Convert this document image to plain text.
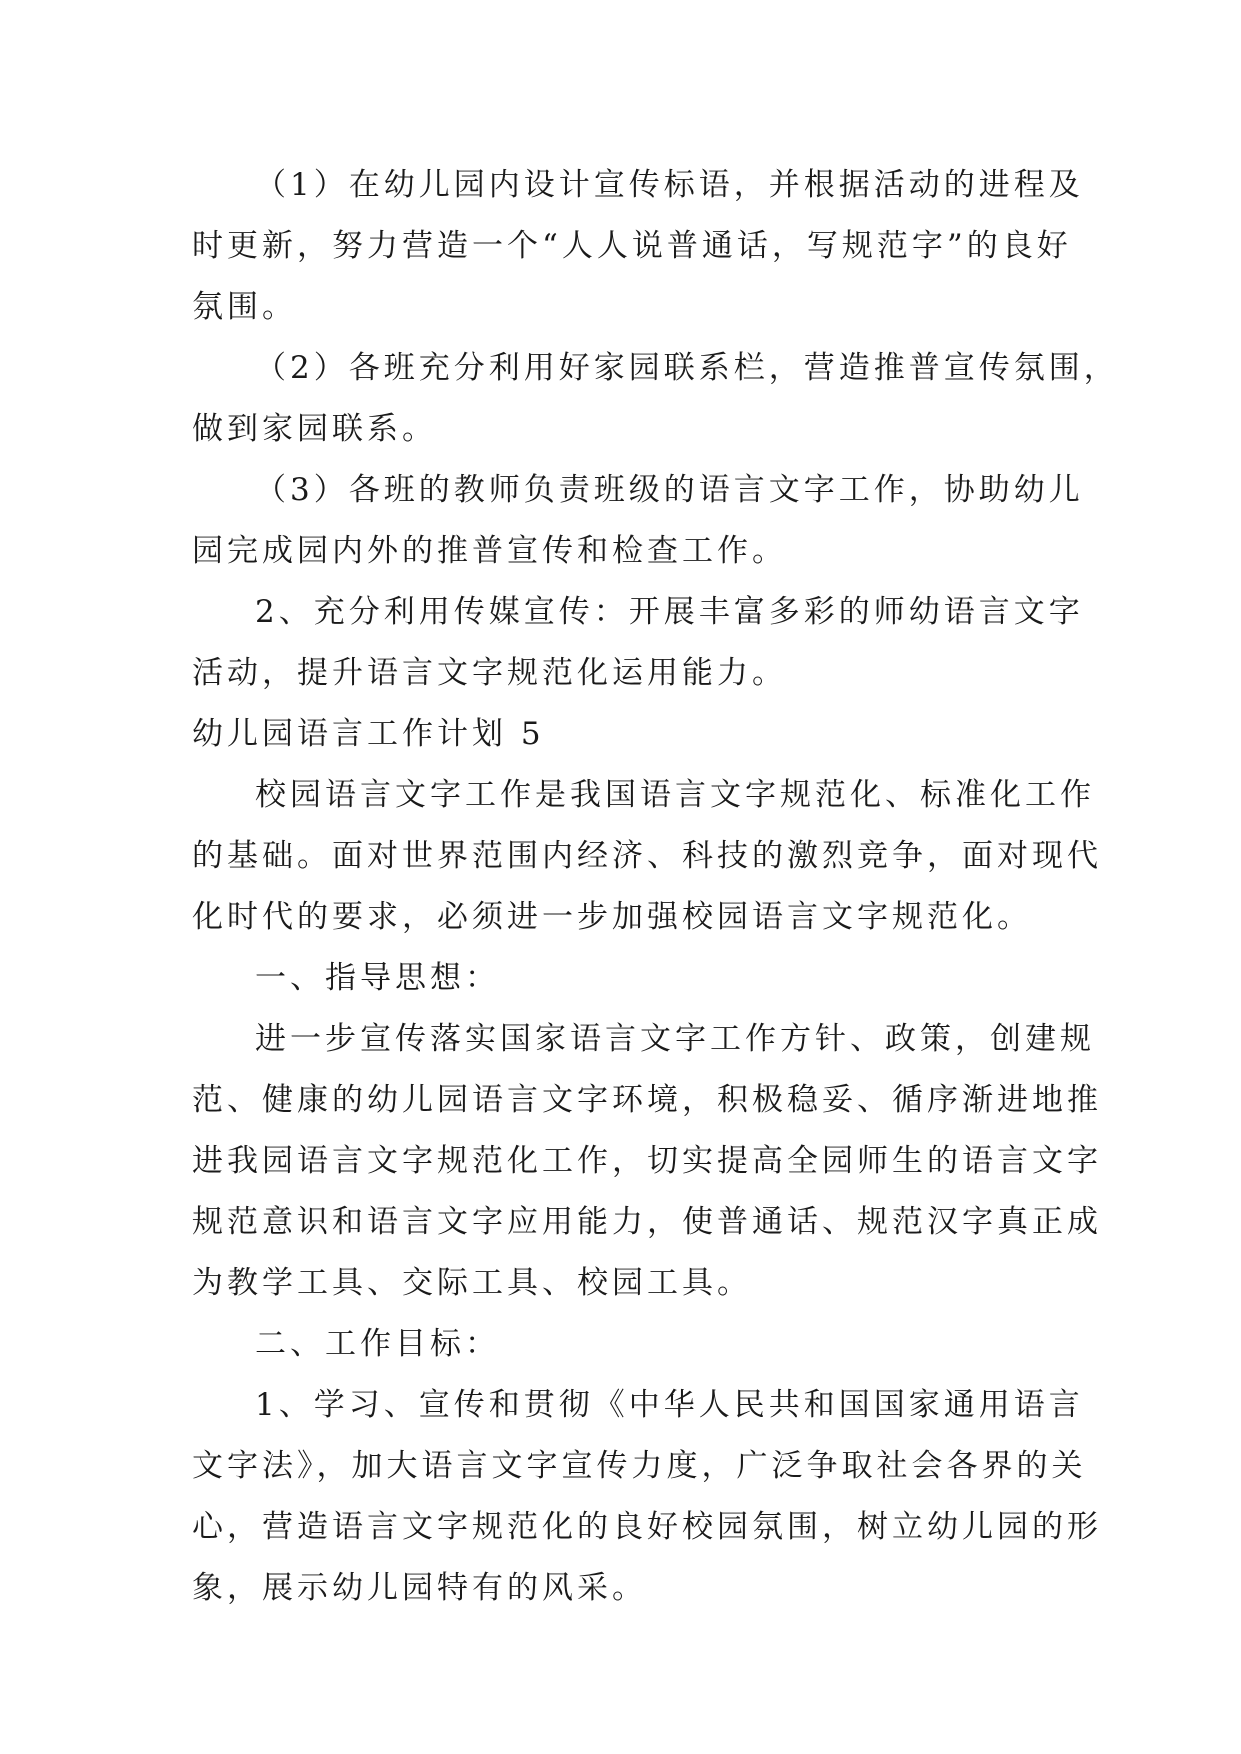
（1）在幼儿园内设计宣传标语，并根据活动的进程及
时更新，努力营造一个“人人说普通话，写规范字”的良好
氛围。
（2）各班充分利用好家园联系栏，营造推普宣传氛围，
做到家园联系。
（3）各班的教师负责班级的语言文字工作，协助幼儿
园完成园内外的推普宣传和检查工作。
2、充分利用传媒宣传：开展丰富多彩的师幼语言文字
活动，提升语言文字规范化运用能力。
幼儿园语言工作计划 5
校园语言文字工作是我国语言文字规范化、标准化工作
的基础。面对世界范围内经济、科技的激烈竞争，面对现代
化时代的要求，必须进一步加强校园语言文字规范化。
一、指导思想：
进一步宣传落实国家语言文字工作方针、政策，创建规
范、健康的幼儿园语言文字环境，积极稳妥、循序渐进地推
进我园语言文字规范化工作，切实提高全园师生的语言文字
规范意识和语言文字应用能力，使普通话、规范汉字真正成
为教学工具、交际工具、校园工具。
二、工作目标：
1、学习、宣传和贯彻《中华人民共和国国家通用语言
文字法》，加大语言文字宣传力度，广泛争取社会各界的关
心，营造语言文字规范化的良好校园氛围，树立幼儿园的形
象，展示幼儿园特有的风采。
